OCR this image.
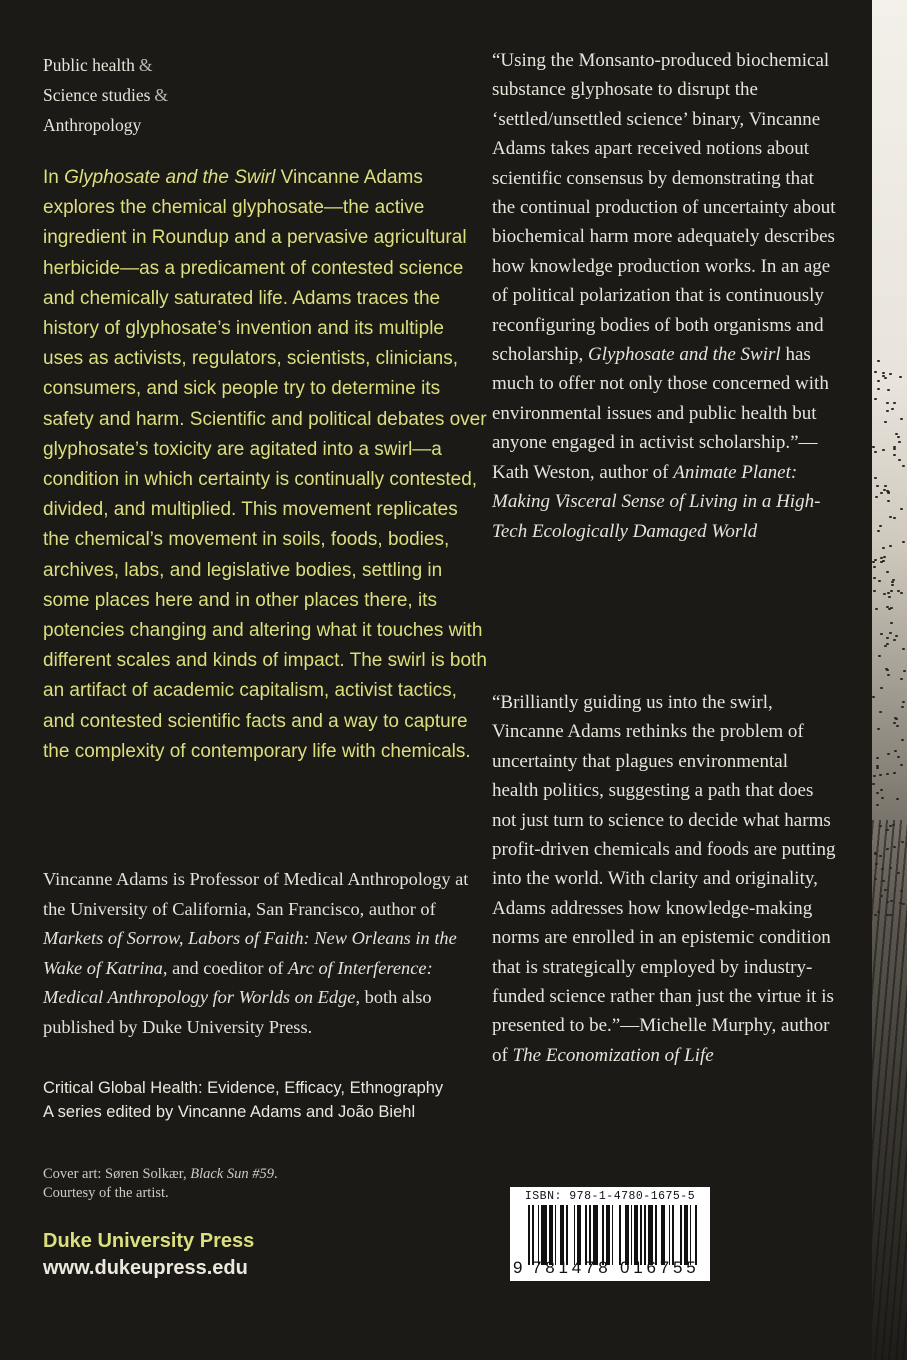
Public health &
Science studies &
Anthropology
In Glyphosate and the Swirl Vincanne Adams explores the chemical glyphosate—the active ingredient in Roundup and a pervasive agricultural herbicide—as a predicament of contested science and chemically saturated life. Adams traces the history of glyphosate’s invention and its multiple uses as activists, regulators, scientists, clinicians, consumers, and sick people try to determine its safety and harm. Scientific and political debates over glyphosate’s toxicity are agitated into a swirl—a condition in which certainty is continually contested, divided, and multiplied. This movement replicates the chemical’s movement in soils, foods, bodies, archives, labs, and legislative bodies, settling in some places here and in other places there, its potencies changing and altering what it touches with different scales and kinds of impact. The swirl is both an artifact of academic capitalism, activist tactics, and contested scientific facts and a way to capture the complexity of contemporary life with chemicals.
Vincanne Adams is Professor of Medical Anthropology at the University of California, San Francisco, author of Markets of Sorrow, Labors of Faith: New Orleans in the Wake of Katrina, and coeditor of Arc of Interference: Medical Anthropology for Worlds on Edge, both also published by Duke University Press.
Critical Global Health: Evidence, Efficacy, Ethnography
A series edited by Vincanne Adams and João Biehl
Cover art: Søren Solkær, Black Sun #59.
Courtesy of the artist.
Duke University Press
www.dukeupress.edu

“Using the Monsanto-produced biochemical substance glyphosate to disrupt the ‘settled/unsettled science’ binary, Vincanne Adams takes apart received notions about scientific consensus by demonstrating that the continual production of uncertainty about biochemical harm more adequately describes how knowledge production works. In an age of political polarization that is continuously reconfiguring bodies of both organisms and scholarship, Glyphosate and the Swirl has much to offer not only those concerned with environmental issues and public health but anyone engaged in activist scholarship.”—Kath Weston, author of Animate Planet: Making Visceral Sense of Living in a High-Tech Ecologically Damaged World

“Brilliantly guiding us into the swirl, Vincanne Adams rethinks the problem of uncertainty that plagues environmental health politics, suggesting a path that does not just turn to science to decide what harms profit-driven chemicals and foods are putting into the world. With clarity and originality, Adams addresses how knowledge-making norms are enrolled in an epistemic condition that is strategically employed by industry-funded science rather than just the virtue it is presented to be.”—Michelle Murphy, author of The Economization of Life

ISBN: 978-1-4780-1675-5
9 781478 016755
